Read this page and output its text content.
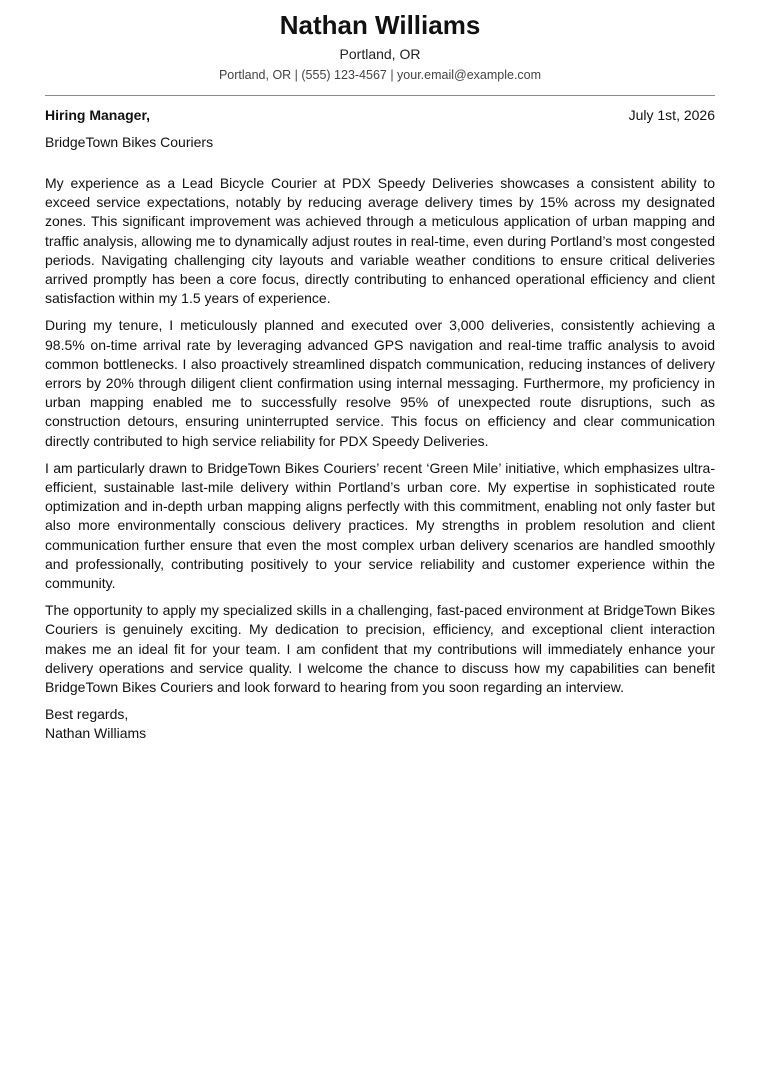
Nathan Williams
Portland, OR
Portland, OR | (555) 123-4567 | your.email@example.com
Hiring Manager,	July 1st, 2026
BridgeTown Bikes Couriers

My experience as a Lead Bicycle Courier at PDX Speedy Deliveries showcases a consistent ability to exceed service expectations, notably by reducing average delivery times by 15% across my designated zones. This significant improvement was achieved through a meticulous application of urban mapping and traffic analysis, allowing me to dynamically adjust routes in real-time, even during Portland’s most congested periods. Navigating challenging city layouts and variable weather conditions to ensure critical deliveries arrived promptly has been a core focus, directly contributing to enhanced operational efficiency and client satisfaction within my 1.5 years of experience.

During my tenure, I meticulously planned and executed over 3,000 deliveries, consistently achieving a 98.5% on-time arrival rate by leveraging advanced GPS navigation and real-time traffic analysis to avoid common bottlenecks. I also proactively streamlined dispatch communication, reducing instances of delivery errors by 20% through diligent client confirmation using internal messaging. Furthermore, my proficiency in urban mapping enabled me to successfully resolve 95% of unexpected route disruptions, such as construction detours, ensuring uninterrupted service. This focus on efficiency and clear communication directly contributed to high service reliability for PDX Speedy Deliveries.

I am particularly drawn to BridgeTown Bikes Couriers’ recent ‘Green Mile’ initiative, which emphasizes ultra-efficient, sustainable last-mile delivery within Portland’s urban core. My expertise in sophisticated route optimization and in-depth urban mapping aligns perfectly with this commitment, enabling not only faster but also more environmentally conscious delivery practices. My strengths in problem resolution and client communication further ensure that even the most complex urban delivery scenarios are handled smoothly and professionally, contributing positively to your service reliability and customer experience within the community.

The opportunity to apply my specialized skills in a challenging, fast-paced environment at BridgeTown Bikes Couriers is genuinely exciting. My dedication to precision, efficiency, and exceptional client interaction makes me an ideal fit for your team. I am confident that my contributions will immediately enhance your delivery operations and service quality. I welcome the chance to discuss how my capabilities can benefit BridgeTown Bikes Couriers and look forward to hearing from you soon regarding an interview.

Best regards,
Nathan Williams
